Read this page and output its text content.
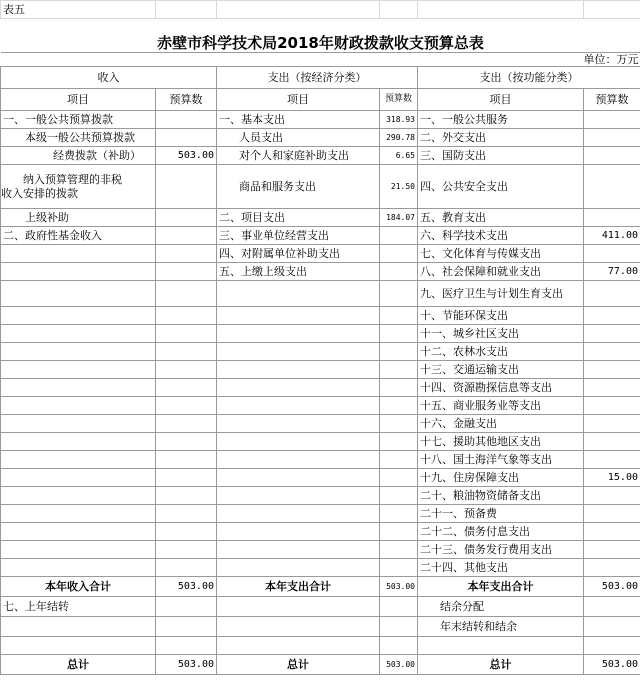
表五					
赤壁市科学技术局2018年财政拨款收支预算总表					
单位：万元					
收入		支出（按经济分类）		支出（按功能分类）	
项目	预算数	项目	预算数	项目	预算数
一、一般公共预算拨款		一、基本支出	318.93	一、一般公共服务	
本级一般公共预算拨款		人员支出	290.78	二、外交支出	
经费拨款（补助）	503.00	对个人和家庭补助支出	6.65	三、国防支出	
纳入预算管理的非税
收入安排的拨款		商品和服务支出	21.50	四、公共安全支出	
上级补助		二、项目支出	184.07	五、教育支出	
二、政府性基金收入		三、事业单位经营支出		六、科学技术支出	411.00
		四、对附属单位补助支出		七、文化体育与传媒支出	
		五、上缴上级支出		八、社会保障和就业支出	77.00
				九、医疗卫生与计划生育支出	
				十、节能环保支出	
				十一、城乡社区支出	
				十二、农林水支出	
				十三、交通运输支出	
				十四、资源勘探信息等支出	
				十五、商业服务业等支出	
				十六、金融支出	
				十七、援助其他地区支出	
				十八、国土海洋气象等支出	
				十九、住房保障支出	15.00
				二十、粮油物资储备支出	
				二十一、预备费	
				二十二、债务付息支出	
				二十三、债务发行费用支出	
				二十四、其他支出	
本年收入合计	503.00	本年支出合计	503.00	本年支出合计	503.00
七、上年结转				结余分配	
				年末结转和结余	

总计	503.00	总计	503.00	总计	503.00
